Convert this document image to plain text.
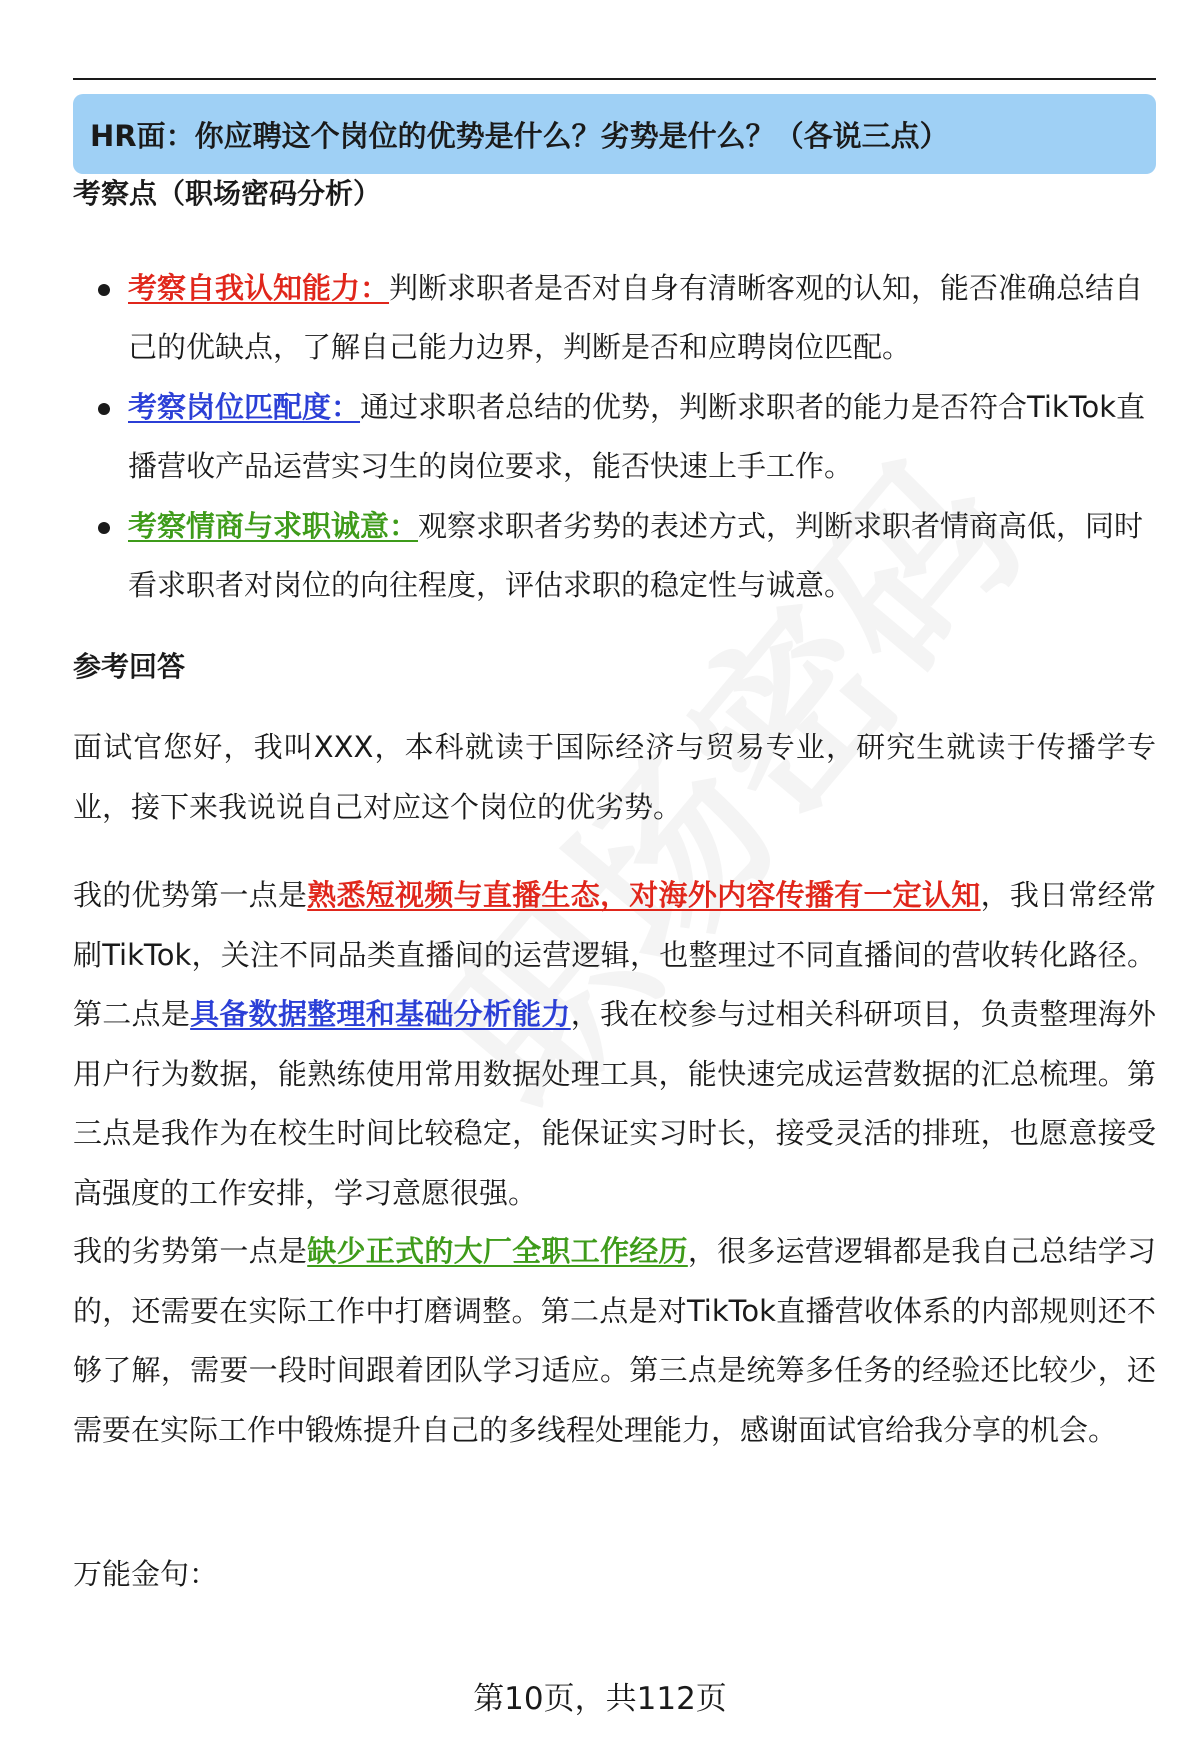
HR面：你应聘这个岗位的优势是什么？劣势是什么？（各说三点）
考察点（职场密码分析）
考察自我认知能力：判断求职者是否对自身有清晰客观的认知，能否准确总结自己的优缺点，了解自己能力边界，判断是否和应聘岗位匹配。
考察岗位匹配度：通过求职者总结的优势，判断求职者的能力是否符合TikTok直播营收产品运营实习生的岗位要求，能否快速上手工作。
考察情商与求职诚意：观察求职者劣势的表述方式，判断求职者情商高低，同时看求职者对岗位的向往程度，评估求职的稳定性与诚意。
参考回答

面试官您好，我叫XXX，本科就读于国际经济与贸易专业，研究生就读于传播学专业，接下来我说说自己对应这个岗位的优劣势。

我的优势第一点是熟悉短视频与直播生态，对海外内容传播有一定认知，我日常经常刷TikTok，关注不同品类直播间的运营逻辑，也整理过不同直播间的营收转化路径。第二点是具备数据整理和基础分析能力，我在校参与过相关科研项目，负责整理海外用户行为数据，能熟练使用常用数据处理工具，能快速完成运营数据的汇总梳理。第三点是我作为在校生时间比较稳定，能保证实习时长，接受灵活的排班，也愿意接受高强度的工作安排，学习意愿很强。

我的劣势第一点是缺少正式的大厂全职工作经历，很多运营逻辑都是我自己总结学习的，还需要在实际工作中打磨调整。第二点是对TikTok直播营收体系的内部规则还不够了解，需要一段时间跟着团队学习适应。第三点是统筹多任务的经验还比较少，还需要在实际工作中锻炼提升自己的多线程处理能力，感谢面试官给我分享的机会。

万能金句：

第10页，共112页
